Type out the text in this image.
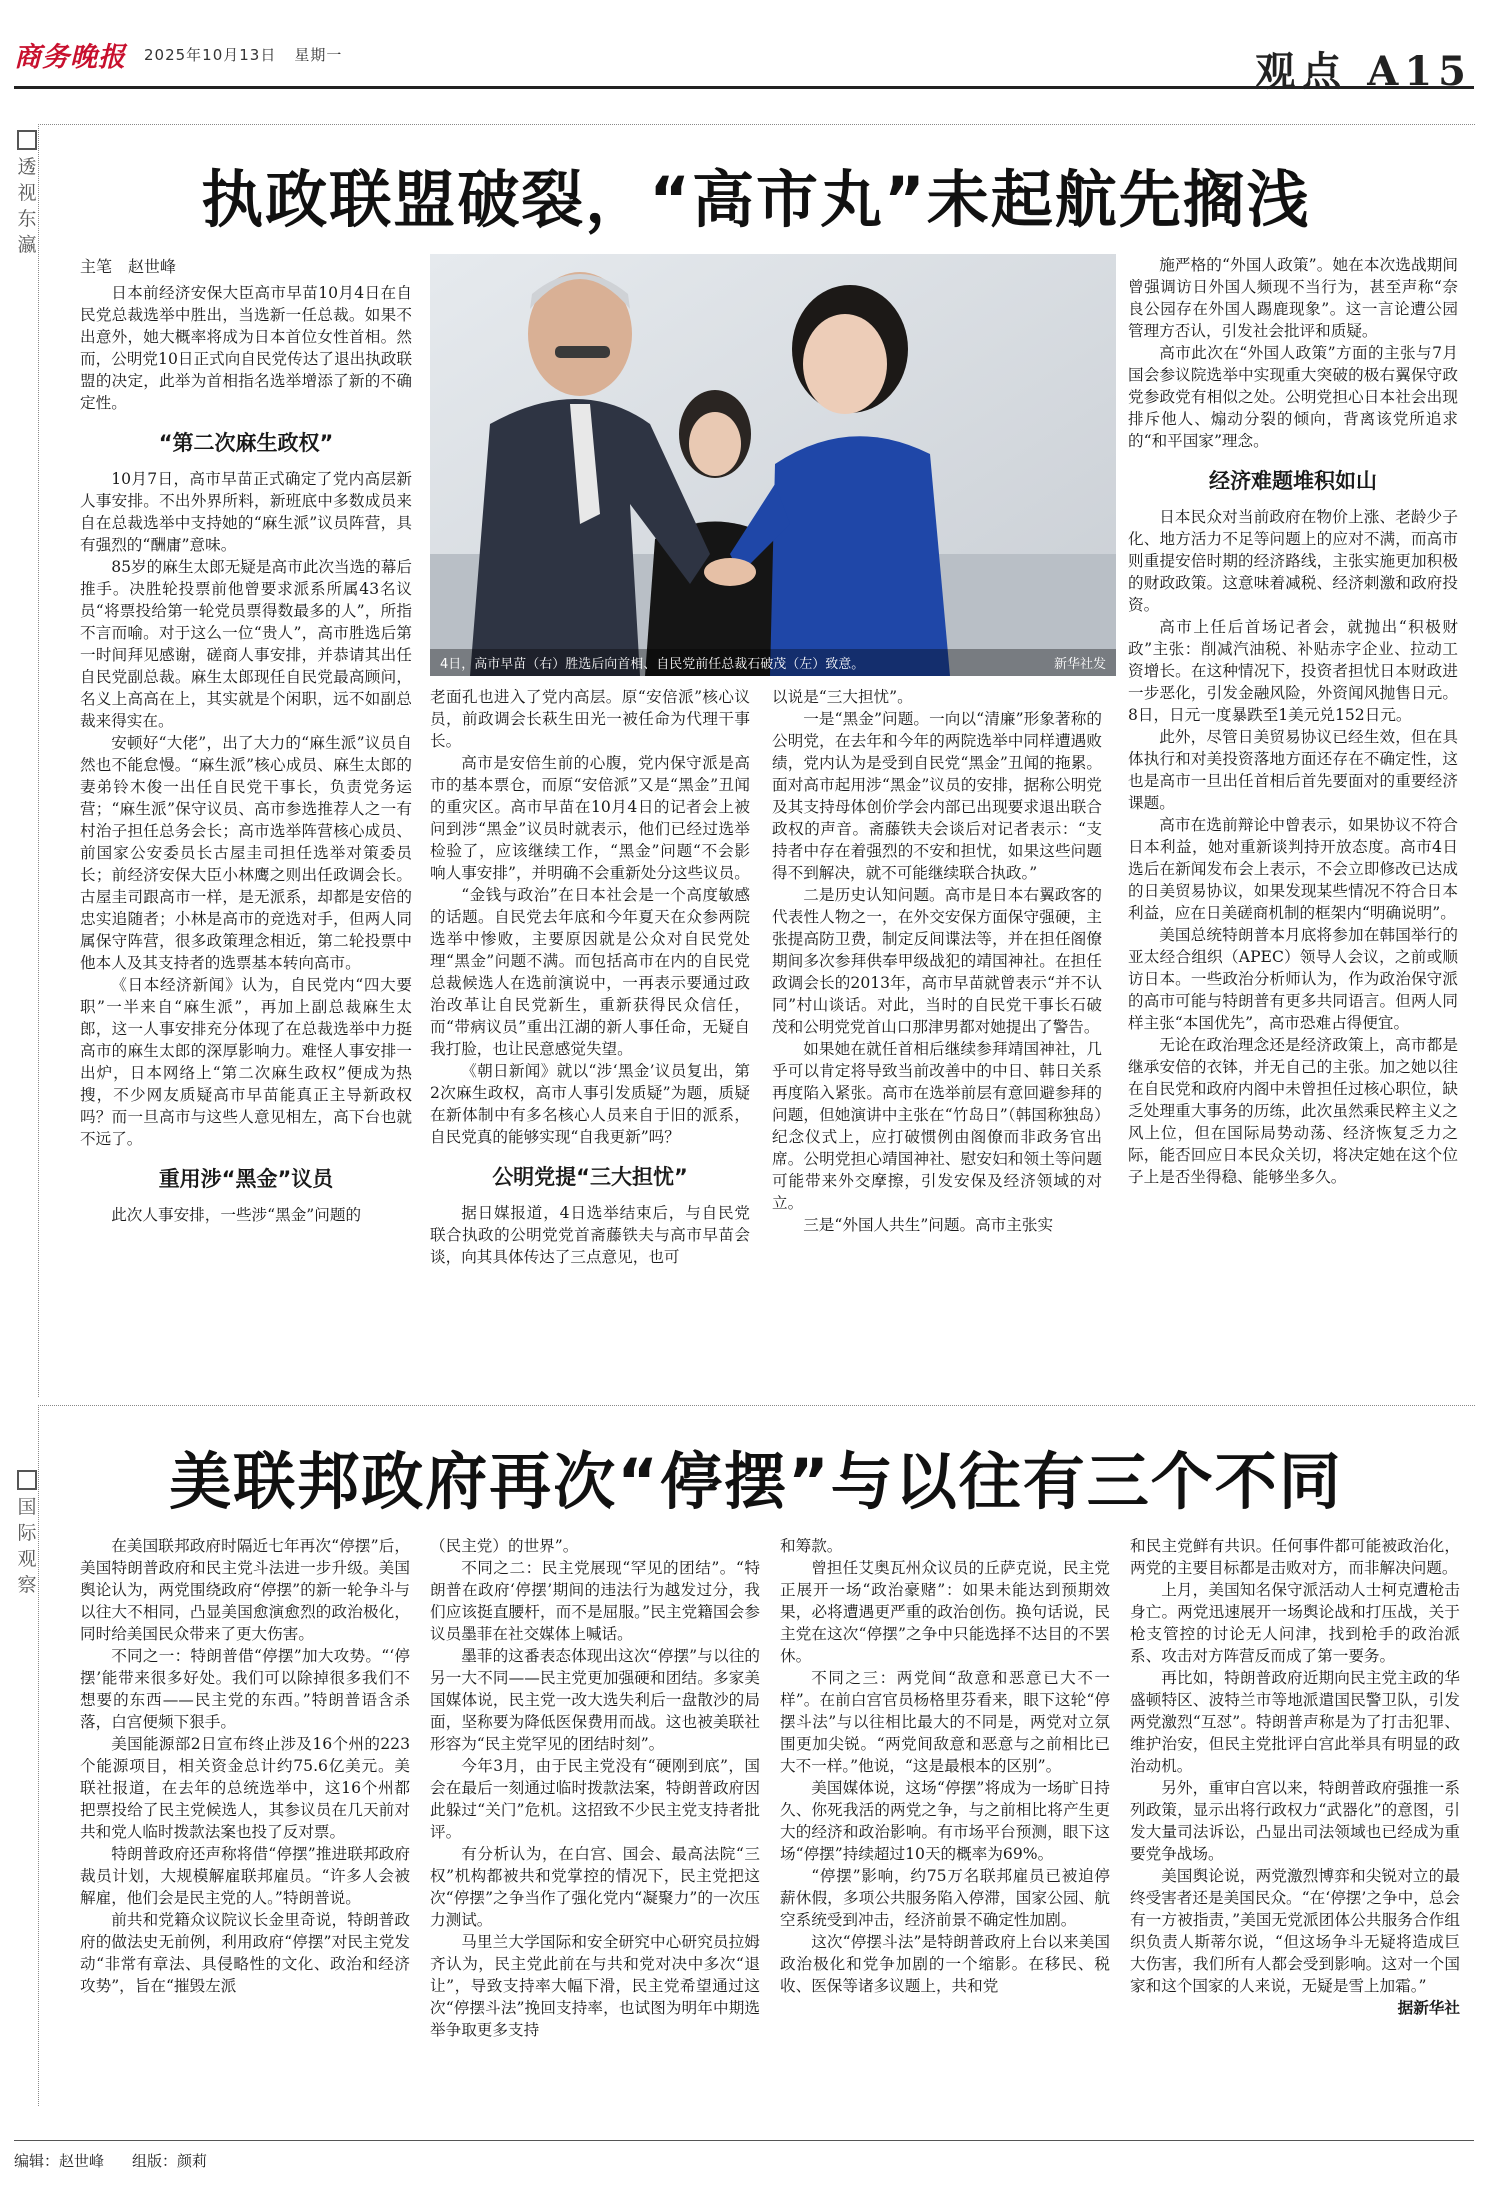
商务晚报 2025年10月13日 星期一	观点 A15
透
视
东
瀛
执政联盟破裂，“高市丸”未起航先搁浅
主笔　赵世峰
4日，高市早苗（右）胜选后向首相、自民党前任总裁石破茂（左）致意。	新华社发

日本前经济安保大臣高市早苗10月4日在自民党总裁选举中胜出，当选新一任总裁。如果不出意外，她大概率将成为日本首位女性首相。然而，公明党10日正式向自民党传达了退出执政联盟的决定，此举为首相指名选举增添了新的不确定性。

“第二次麻生政权”

10月7日，高市早苗正式确定了党内高层新人事安排。不出外界所料，新班底中多数成员来自在总裁选举中支持她的“麻生派”议员阵营，具有强烈的“酬庸”意味。

85岁的麻生太郎无疑是高市此次当选的幕后推手。决胜轮投票前他曾要求派系所属43名议员“将票投给第一轮党员票得数最多的人”，所指不言而喻。对于这么一位“贵人”，高市胜选后第一时间拜见感谢，磋商人事安排，并恭请其出任自民党副总裁。麻生太郎现任自民党最高顾问，名义上高高在上，其实就是个闲职，远不如副总裁来得实在。

安顿好“大佬”，出了大力的“麻生派”议员自然也不能怠慢。“麻生派”核心成员、麻生太郎的妻弟铃木俊一出任自民党干事长，负责党务运营；“麻生派”保守议员、高市参选推荐人之一有村治子担任总务会长；高市选举阵营核心成员、前国家公安委员长古屋圭司担任选举对策委员长；前经济安保大臣小林鹰之则出任政调会长。古屋圭司跟高市一样，是无派系，却都是安倍的忠实追随者；小林是高市的竞选对手，但两人同属保守阵营，很多政策理念相近，第二轮投票中他本人及其支持者的选票基本转向高市。

《日本经济新闻》认为，自民党内“四大要职”一半来自“麻生派”，再加上副总裁麻生太郎，这一人事安排充分体现了在总裁选举中力挺高市的麻生太郎的深厚影响力。难怪人事安排一出炉，日本网络上“第二次麻生政权”便成为热搜，不少网友质疑高市早苗能真正主导新政权吗？而一旦高市与这些人意见相左，高下台也就不远了。

重用涉“黑金”议员

此次人事安排，一些涉“黑金”问题的

老面孔也进入了党内高层。原“安倍派”核心议员，前政调会长萩生田光一被任命为代理干事长。

高市是安倍生前的心腹，党内保守派是高市的基本票仓，而原“安倍派”又是“黑金”丑闻的重灾区。高市早苗在10月4日的记者会上被问到涉“黑金”议员时就表示，他们已经过选举检验了，应该继续工作，“黑金”问题“不会影响人事安排”，并明确不会重新处分这些议员。

“金钱与政治”在日本社会是一个高度敏感的话题。自民党去年底和今年夏天在众参两院选举中惨败，主要原因就是公众对自民党处理“黑金”问题不满。而包括高市在内的自民党总裁候选人在选前演说中，一再表示要通过政治改革让自民党新生，重新获得民众信任，而“带病议员”重出江湖的新人事任命，无疑自我打脸，也让民意感觉失望。

《朝日新闻》就以“涉‘黑金’议员复出，第2次麻生政权，高市人事引发质疑”为题，质疑在新体制中有多名核心人员来自于旧的派系，自民党真的能够实现“自我更新”吗？

公明党提“三大担忧”

据日媒报道，4日选举结束后，与自民党联合执政的公明党党首斋藤铁夫与高市早苗会谈，向其具体传达了三点意见，也可

以说是“三大担忧”。

一是“黑金”问题。一向以“清廉”形象著称的公明党，在去年和今年的两院选举中同样遭遇败绩，党内认为是受到自民党“黑金”丑闻的拖累。面对高市起用涉“黑金”议员的安排，据称公明党及其支持母体创价学会内部已出现要求退出联合政权的声音。斋藤铁夫会谈后对记者表示：“支持者中存在着强烈的不安和担忧，如果这些问题得不到解决，就不可能继续联合执政。”

二是历史认知问题。高市是日本右翼政客的代表性人物之一，在外交安保方面保守强硬，主张提高防卫费，制定反间谍法等，并在担任阁僚期间多次参拜供奉甲级战犯的靖国神社。在担任政调会长的2013年，高市早苗就曾表示“并不认同”村山谈话。对此，当时的自民党干事长石破茂和公明党党首山口那津男都对她提出了警告。

如果她在就任首相后继续参拜靖国神社，几乎可以肯定将导致当前改善中的中日、韩日关系再度陷入紧张。高市在选举前层有意回避参拜的问题，但她演讲中主张在“竹岛日”（韩国称独岛）纪念仪式上，应打破惯例由阁僚而非政务官出席。公明党担心靖国神社、慰安妇和领土等问题可能带来外交摩擦，引发安保及经济领域的对立。

三是“外国人共生”问题。高市主张实

施严格的“外国人政策”。她在本次选战期间曾强调访日外国人频现不当行为，甚至声称“奈良公园存在外国人踢鹿现象”。这一言论遭公园管理方否认，引发社会批评和质疑。

高市此次在“外国人政策”方面的主张与7月国会参议院选举中实现重大突破的极右翼保守政党参政党有相似之处。公明党担心日本社会出现排斥他人、煽动分裂的倾向，背离该党所追求的“和平国家”理念。

经济难题堆积如山

日本民众对当前政府在物价上涨、老龄少子化、地方活力不足等问题上的应对不满，而高市则重提安倍时期的经济路线，主张实施更加积极的财政政策。这意味着减税、经济刺激和政府投资。

高市上任后首场记者会，就抛出“积极财政”主张：削减汽油税、补贴赤字企业、拉动工资增长。在这种情况下，投资者担忧日本财政进一步恶化，引发金融风险，外资闻风抛售日元。8日，日元一度暴跌至1美元兑152日元。

此外，尽管日美贸易协议已经生效，但在具体执行和对美投资落地方面还存在不确定性，这也是高市一旦出任首相后首先要面对的重要经济课题。

高市在选前辩论中曾表示，如果协议不符合日本利益，她对重新谈判持开放态度。高市4日选后在新闻发布会上表示，不会立即修改已达成的日美贸易协议，如果发现某些情况不符合日本利益，应在日美磋商机制的框架内“明确说明”。

美国总统特朗普本月底将参加在韩国举行的亚太经合组织（APEC）领导人会议，之前或顺访日本。一些政治分析师认为，作为政治保守派的高市可能与特朗普有更多共同语言。但两人同样主张“本国优先”，高市恐难占得便宜。

无论在政治理念还是经济政策上，高市都是继承安倍的衣钵，并无自己的主张。加之她以往在自民党和政府内阁中未曾担任过核心职位，缺乏处理重大事务的历练，此次虽然乘民粹主义之风上位，但在国际局势动荡、经济恢复乏力之际，能否回应日本民众关切，将决定她在这个位子上是否坐得稳、能够坐多久。

国
际
观
察
美联邦政府再次“停摆”与以往有三个不同

在美国联邦政府时隔近七年再次“停摆”后，美国特朗普政府和民主党斗法进一步升级。美国舆论认为，两党围绕政府“停摆”的新一轮争斗与以往大不相同，凸显美国愈演愈烈的政治极化，同时给美国民众带来了更大伤害。

不同之一：特朗普借“停摆”加大攻势。“‘停摆’能带来很多好处。我们可以除掉很多我们不想要的东西——民主党的东西。”特朗普语含杀落，白宫便频下狠手。

美国能源部2日宣布终止涉及16个州的223个能源项目，相关资金总计约75.6亿美元。美联社报道，在去年的总统选举中，这16个州都把票投给了民主党候选人，其参议员在几天前对共和党人临时拨款法案也投了反对票。

特朗普政府还声称将借“停摆”推进联邦政府裁员计划，大规模解雇联邦雇员。“许多人会被解雇，他们会是民主党的人。”特朗普说。

前共和党籍众议院议长金里奇说，特朗普政府的做法史无前例，利用政府“停摆”对民主党发动“非常有章法、具侵略性的文化、政治和经济攻势”，旨在“摧毁左派

（民主党）的世界”。

不同之二：民主党展现“罕见的团结”。“特朗普在政府‘停摆’期间的违法行为越发过分，我们应该挺直腰杆，而不是屈服。”民主党籍国会参议员墨菲在社交媒体上喊话。

墨菲的这番表态体现出这次“停摆”与以往的另一大不同——民主党更加强硬和团结。多家美国媒体说，民主党一改大选失利后一盘散沙的局面，坚称要为降低医保费用而战。这也被美联社形容为“民主党罕见的团结时刻”。

今年3月，由于民主党没有“硬刚到底”，国会在最后一刻通过临时拨款法案，特朗普政府因此躲过“关门”危机。这招致不少民主党支持者批评。

有分析认为，在白宫、国会、最高法院“三权”机构都被共和党掌控的情况下，民主党把这次“停摆”之争当作了强化党内“凝聚力”的一次压力测试。

马里兰大学国际和安全研究中心研究员拉姆齐认为，民主党此前在与共和党对决中多次“退让”，导致支持率大幅下滑，民主党希望通过这次“停摆斗法”挽回支持率，也试图为明年中期选举争取更多支持

和筹款。

曾担任艾奥瓦州众议员的丘萨克说，民主党正展开一场“政治豪赌”：如果未能达到预期效果，必将遭遇更严重的政治创伤。换句话说，民主党在这次“停摆”之争中只能选择不达目的不罢休。

不同之三：两党间“敌意和恶意已大不一样”。在前白宫官员杨格里芬看来，眼下这轮“停摆斗法”与以往相比最大的不同是，两党对立氛围更加尖锐。“两党间敌意和恶意与之前相比已大不一样。”他说，“这是最根本的区别”。

美国媒体说，这场“停摆”将成为一场旷日持久、你死我活的两党之争，与之前相比将产生更大的经济和政治影响。有市场平台预测，眼下这场“停摆”持续超过10天的概率为69%。

“停摆”影响，约75万名联邦雇员已被迫停薪休假，多项公共服务陷入停滞，国家公园、航空系统受到冲击，经济前景不确定性加剧。

这次“停摆斗法”是特朗普政府上台以来美国政治极化和党争加剧的一个缩影。在移民、税收、医保等诸多议题上，共和党

和民主党鲜有共识。任何事件都可能被政治化，两党的主要目标都是击败对方，而非解决问题。

上月，美国知名保守派活动人士柯克遭枪击身亡。两党迅速展开一场舆论战和打压战，关于枪支管控的讨论无人问津，找到枪手的政治派系、攻击对方阵营反而成了第一要务。

再比如，特朗普政府近期向民主党主政的华盛顿特区、波特兰市等地派遣国民警卫队，引发两党激烈“互怼”。特朗普声称是为了打击犯罪、维护治安，但民主党批评白宫此举具有明显的政治动机。

另外，重审白宫以来，特朗普政府强推一系列政策，显示出将行政权力“武器化”的意图，引发大量司法诉讼，凸显出司法领域也已经成为重要党争战场。

美国舆论说，两党激烈博弈和尖锐对立的最终受害者还是美国民众。“在‘停摆’之争中，总会有一方被指责，”美国无党派团体公共服务合作组织负责人斯蒂尔说，“但这场争斗无疑将造成巨大伤害，我们所有人都会受到影响。这对一个国家和这个国家的人来说，无疑是雪上加霜。”

据新华社

编辑：赵世峰 组版：颜莉
